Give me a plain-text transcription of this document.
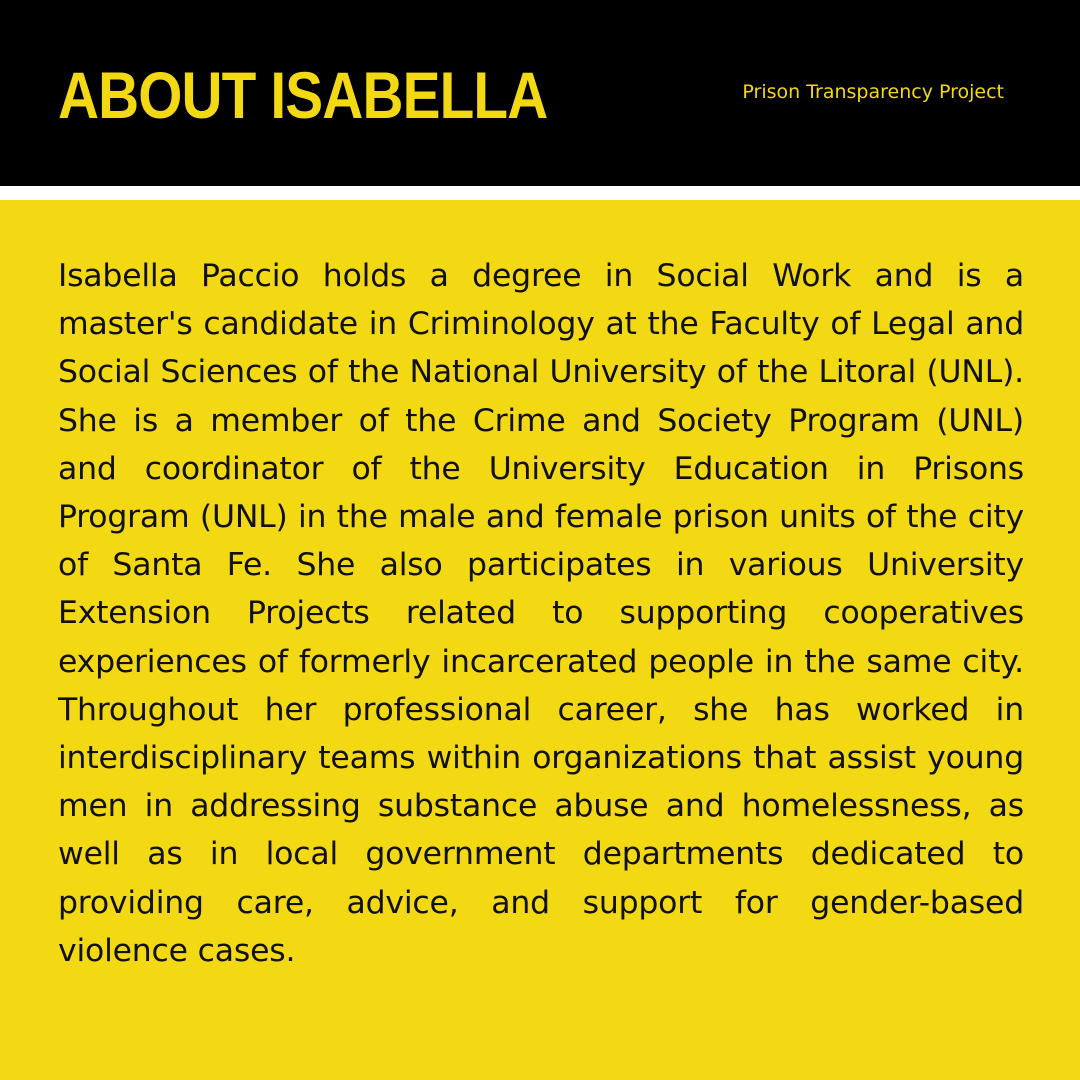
ABOUT ISABELLA	Prison Transparency Project

Isabella Paccio holds a degree in Social Work and is a master's candidate in Criminology at the Faculty of Legal and Social Sciences of the National University of the Litoral (UNL). She is a member of the Crime and Society Program (UNL) and coordinator of the University Education in Prisons Program (UNL) in the male and female prison units of the city of Santa Fe. She also participates in various University Extension Projects related to supporting cooperatives experiences of formerly incarcerated people in the same city. Throughout her professional career, she has worked in interdisciplinary teams within organizations that assist young men in addressing substance abuse and homelessness, as well as in local government departments dedicated to providing care, advice, and support for gender-based violence cases.
